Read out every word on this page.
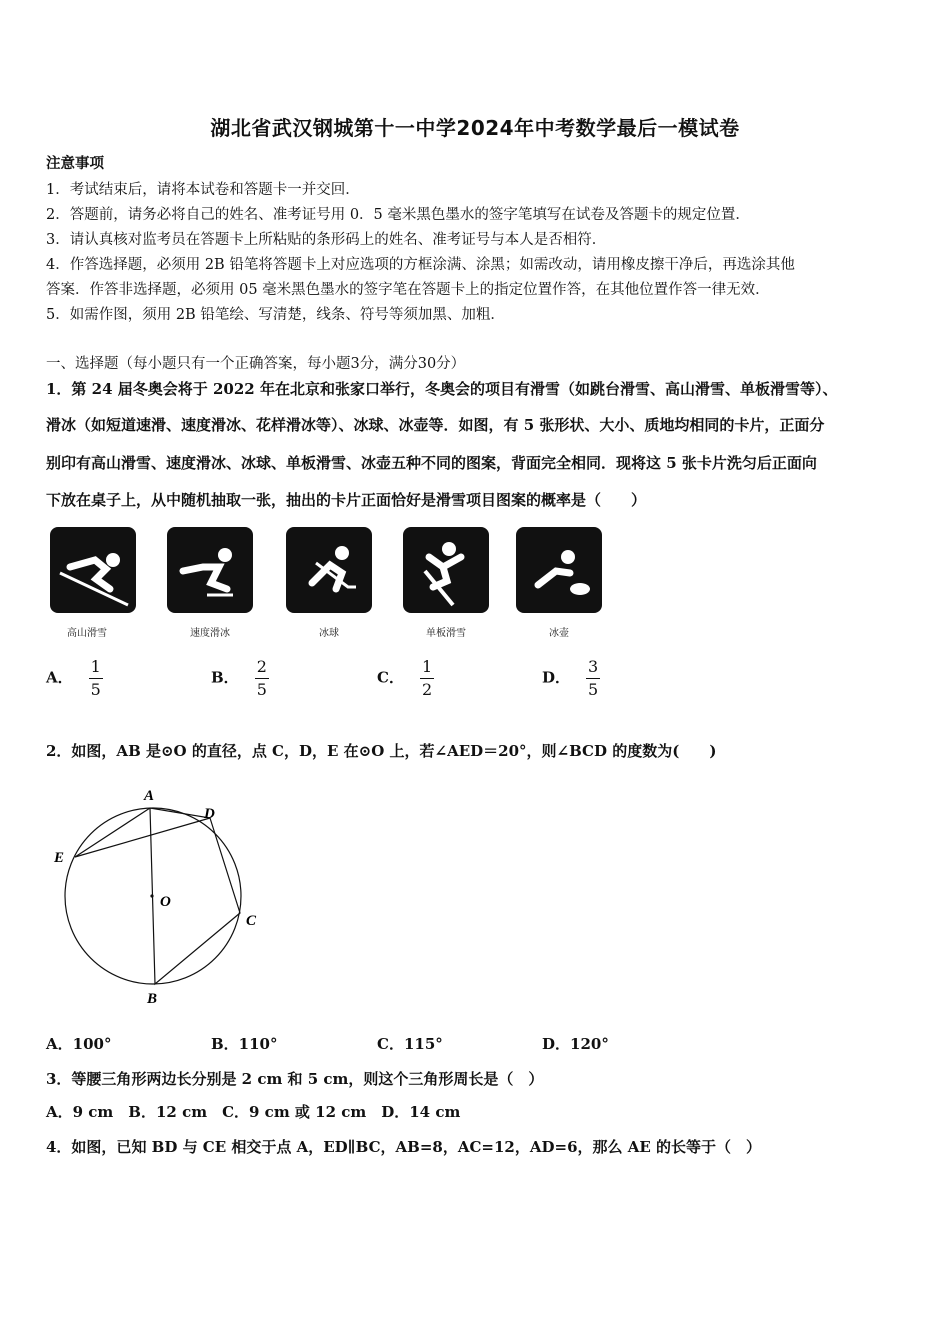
湖北省武汉钢城第十一中学2024年中考数学最后一模试卷
注意事项
1．考试结束后，请将本试卷和答题卡一并交回．
2．答题前，请务必将自己的姓名、准考证号用 0．5 毫米黑色墨水的签字笔填写在试卷及答题卡的规定位置．
3．请认真核对监考员在答题卡上所粘贴的条形码上的姓名、准考证号与本人是否相符．
4．作答选择题，必须用 2B 铅笔将答题卡上对应选项的方框涂满、涂黑；如需改动，请用橡皮擦干净后，再选涂其他
答案．作答非选择题，必须用 05 毫米黑色墨水的签字笔在答题卡上的指定位置作答，在其他位置作答一律无效．
5．如需作图，须用 2B 铅笔绘、写清楚，线条、符号等须加黑、加粗．
一、选择题（每小题只有一个正确答案，每小题3分，满分30分）
1．第 24 届冬奥会将于 2022 年在北京和张家口举行，冬奥会的项目有滑雪（如跳台滑雪、高山滑雪、单板滑雪等）、
滑冰（如短道速滑、速度滑冰、花样滑冰等）、冰球、冰壶等．如图，有 5 张形状、大小、质地均相同的卡片，正面分
别印有高山滑雪、速度滑冰、冰球、单板滑雪、冰壶五种不同的图案，背面完全相同．现将这 5 张卡片洗匀后正面向
下放在桌子上，从中随机抽取一张，抽出的卡片正面恰好是滑雪项目图案的概率是（　　）
高山滑雪	速度滑冰	冰球	单板滑雪	冰壶
A． $\frac{1}{5}$	B． $\frac{2}{5}$	C． $\frac{1}{2}$	D． $\frac{3}{5}$
2．如图，AB 是⊙O 的直径，点 C，D，E 在⊙O 上，若∠AED＝20°，则∠BCD 的度数为(　　)
A
D
E
O
C
B
A．100°	B．110°	C．115°	D．120°
3．等腰三角形两边长分别是 2 cm 和 5 cm，则这个三角形周长是（　）
A．9 cm　B．12 cm　C．9 cm 或 12 cm　D．14 cm
4．如图，已知 BD 与 CE 相交于点 A，ED∥BC，AB=8，AC=12，AD=6，那么 AE 的长等于（　）
